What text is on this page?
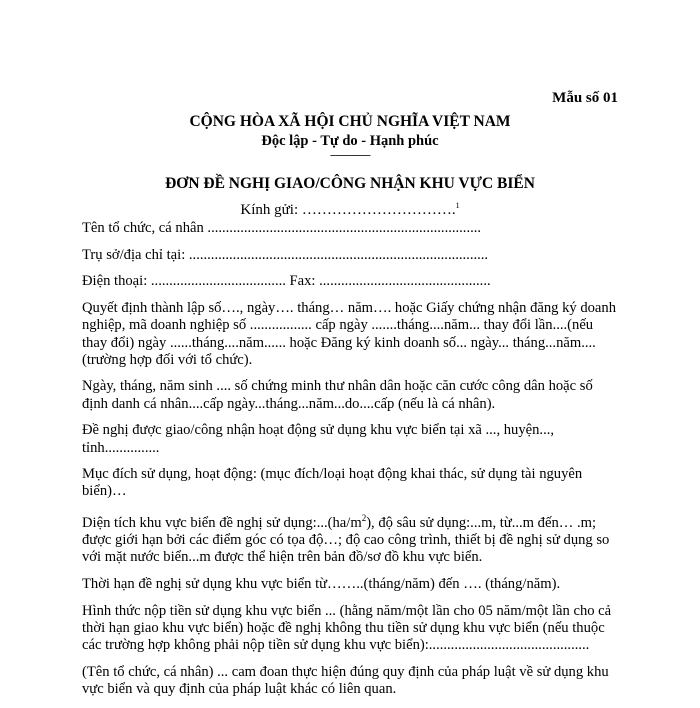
Mẫu số 01
CỘNG HÒA XÃ HỘI CHỦ NGHĨA VIỆT NAM
Độc lập - Tự do - Hạnh phúc
---------------
ĐƠN ĐỀ NGHỊ GIAO/CÔNG NHẬN KHU VỰC BIỂN
Kính gửi: ………………………….$^1$

Tên tổ chức, cá nhân ...........................................................................

Trụ sở/địa chỉ tại: ..................................................................................

Điện thoại: ..................................... Fax: ...............................................

Quyết định thành lập số…., ngày…. tháng… năm…. hoặc Giấy chứng nhận đăng ký doanh nghiệp, mã doanh nghiệp số ................. cấp ngày .......tháng....năm... thay đổi lần....(nếu thay đổi) ngày ......tháng....năm...... hoặc Đăng ký kinh doanh số... ngày... tháng...năm.... (trường hợp đối với tổ chức).

Ngày, tháng, năm sinh .... số chứng minh thư nhân dân hoặc căn cước công dân hoặc số định danh cá nhân....cấp ngày...tháng...năm...do....cấp (nếu là cá nhân).

Đề nghị được giao/công nhận hoạt động sử dụng khu vực biển tại xã ..., huyện..., tỉnh...............

Mục đích sử dụng, hoạt động: (mục đích/loại hoạt động khai thác, sử dụng tài nguyên biển)…

Diện tích khu vực biển đề nghị sử $dụng:...(ha/m^2)$, độ sâu sử dụng:...m, từ...m đến… .m; được giới hạn bởi các điểm góc có tọa độ…; độ cao công trình, thiết bị đề nghị sử dụng so với mặt nước biển...m được thể hiện trên bản đồ/sơ đồ khu vực biển.

Thời hạn đề nghị sử dụng khu vực biển từ……..(tháng/năm) đến …. (tháng/năm).

Hình thức nộp tiền sử dụng khu vực biển ... (hằng năm/một lần cho 05 năm/một lần cho cả thời hạn giao khu vực biển) hoặc đề nghị không thu tiền sử dụng khu vực biển (nếu thuộc các trường hợp không phải nộp tiền sử dụng khu vực biển):............................................

(Tên tổ chức, cá nhân) ... cam đoan thực hiện đúng quy định của pháp luật về sử dụng khu vực biển và quy định của pháp luật khác có liên quan.
